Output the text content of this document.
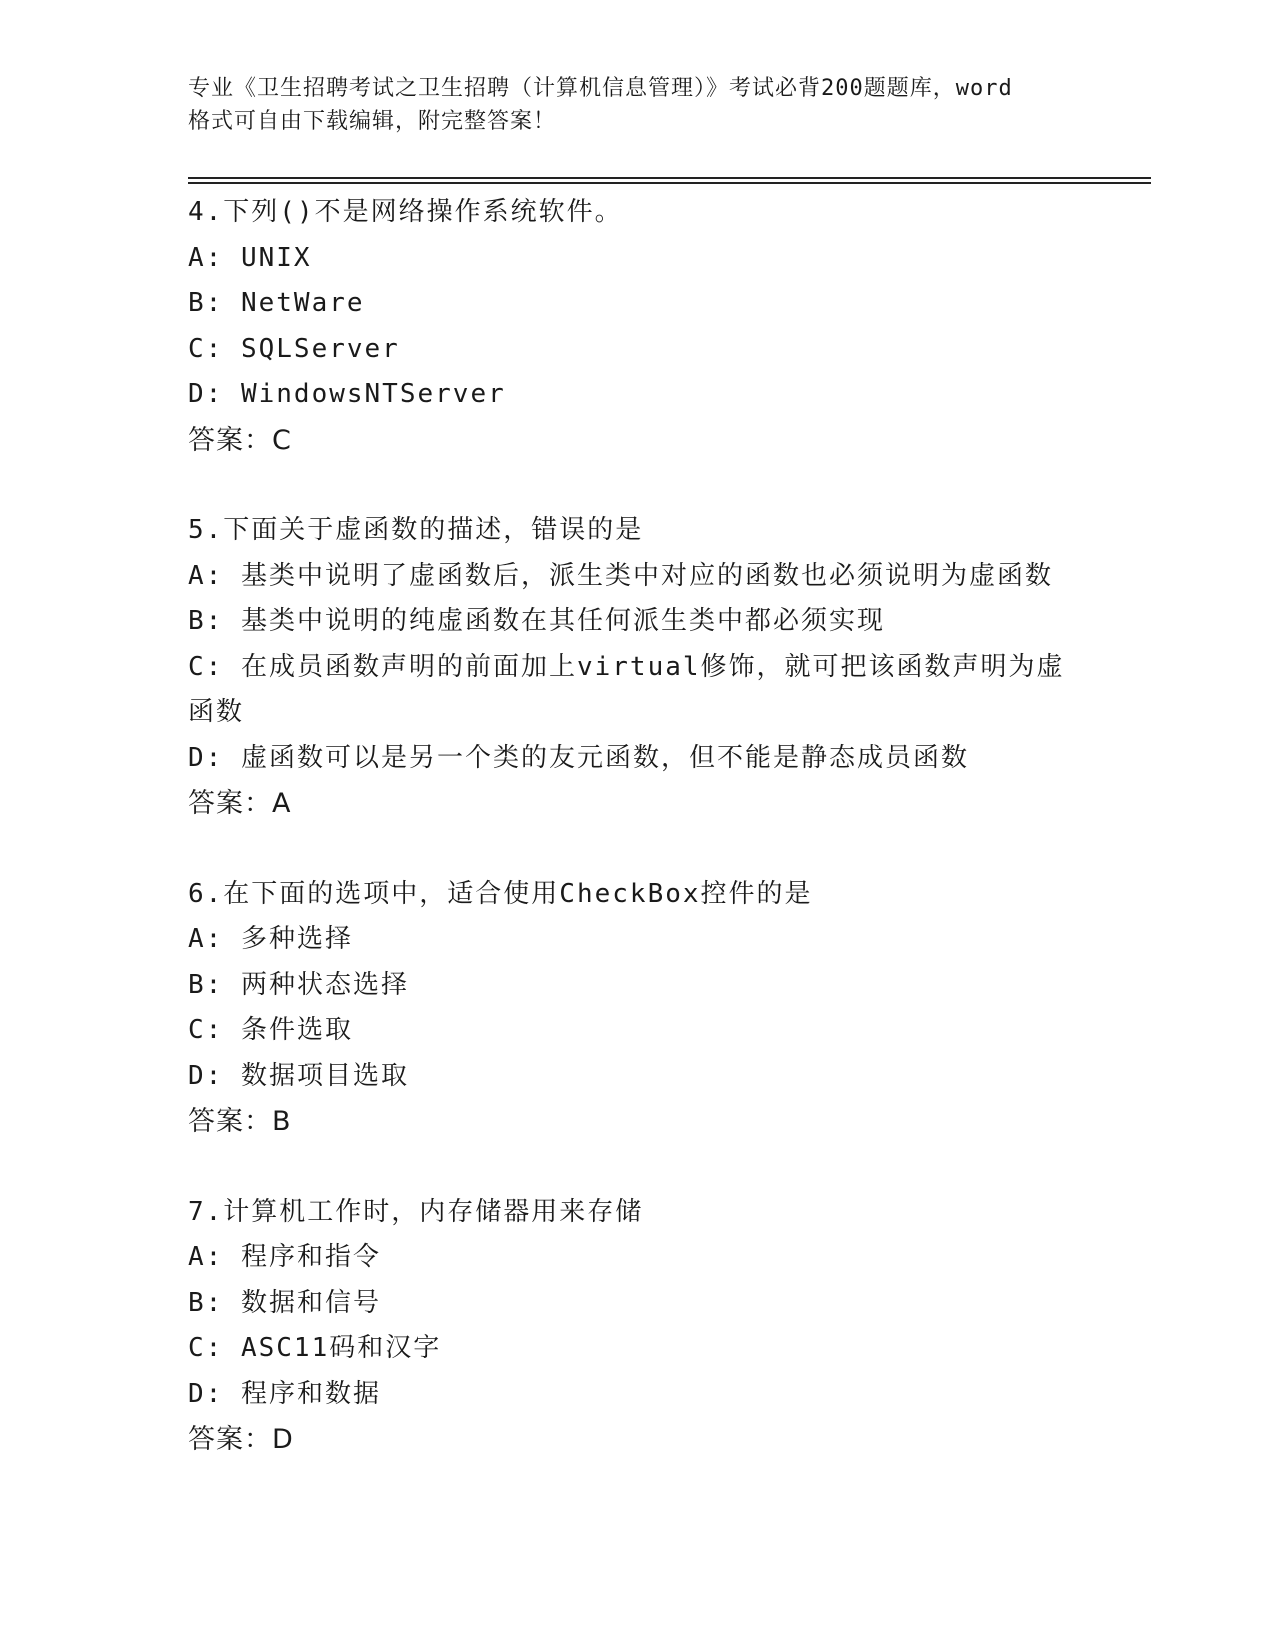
专业《卫生招聘考试之卫生招聘（计算机信息管理）》考试必背200题题库，word
格式可自由下载编辑，附完整答案！
4.下列()不是网络操作系统软件。
A: UNIX
B: NetWare
C: SQLServer
D: WindowsNTServer
答案：C
5.下面关于虚函数的描述，错误的是
A: 基类中说明了虚函数后，派生类中对应的函数也必须说明为虚函数
B: 基类中说明的纯虚函数在其任何派生类中都必须实现
C: 在成员函数声明的前面加上virtual修饰，就可把该函数声明为虚函数
D: 虚函数可以是另一个类的友元函数，但不能是静态成员函数
答案：A
6.在下面的选项中，适合使用CheckBox控件的是
A: 多种选择
B: 两种状态选择
C: 条件选取
D: 数据项目选取
答案：B
7.计算机工作时，内存储器用来存储
A: 程序和指令
B: 数据和信号
C: ASC11码和汉字
D: 程序和数据
答案：D
